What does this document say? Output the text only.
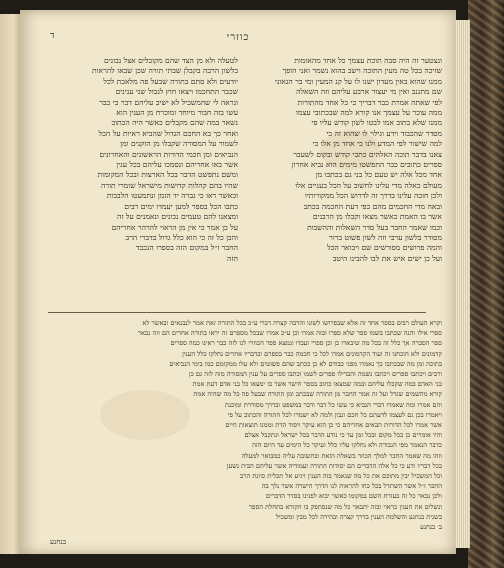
ד	כוזרי
ונצטער זה היה סבה תוכת עצמך כל אחד מהאומות
שזיכה בכל טה מעין התוכה וישב בהוא נשמר ואני הופך
ממנו שהוא באין מעדון ישנו לו על קנ המעין ומי בר הגאוני
שם מתגנב ואין מי יעצור ארבע עליהם וזה השאלה
לפי שאתה אמרת כבר דבריך כי כל אחד מהתורות
ממה עוכר על עצמך אנו קורא למה שבכתובי עצמו
ממנו שלא כתוב אמו לבטו לשון קודש עליו פי
מסדר שהכבוד וידע וגילוי לו שהוא זה כי
למה שישור לפי המדע ולנו כי אחד מן אלו כי
צאנו בדבר תוכה האלהים כתבי קודש ובקום לשעבר
ספרים כתובים כבר התפשטו מימים הוא נביא אחרון
אחד מכל אלה יש טעם כל בני גם בכתבו מן
מעולם כאלה מדי עלינו לחשוב על הכל בעניים אלו
ולכן חובה עלינו בדרך זה לדרוש הכל ממקורותיו
ובאה מדי החכמים מהם כפי דעת החכמה בכתב
אשר בו האמת כאשר מצאו וקבלו מן הרבנים
וכמו שאמר החבר בעל סדר השאלות וההשבות
מסודר בלשון ערבי וזה לשון פשוט ברור
והמה פרושים מפורשים שם ויבואר הכל
ועל כן ישים איש את לבו להבינו היטב
לטעלה ולא מן הצד שהם מקובלים אצל נבונים
בלשון הרבה בקבלן שבתי תורה שכן שבאו להראות
יודעים ולא סתם בתורה שבעל פה מלאכת לכל
שכבר התחכמו ויצאו חוץ לגבול שני ענינים
ונראה לי שהמשכיל לא ישיב עליהם דבר כי כבר
עשו בזה חבור מיוחד ומוכרח מן הענין הוא
נשאר במה שהם מקבלים כאשר היה הכתוב
ואחר כך בא החכם הגדול שהביא ראיות על הכל
לשמור על המסורה שקבלו מן הזקנים ומן
הנביאים ומן חכמי הדורות הראשונים והאחרונים
אשר באו אחריהם ונסמכו עליהם בכל ענין
ומשם נתפשט הדבר בכל הארצות ובכל המקומות
שהיו בהם קהלות קדושות מישראל שומרי תורה
וכאשר ראו כי גברה יד הזמן ונתמעטו הלבבות
כתבו הכל בספר למען יעמדו ימים רבים
ומצאנו להם טעמים נכונים ונאמנים על זה
על כן אמר כי אין מן הראוי להרהר אחריהם
והבן כל זה כי הוא כלל גדול בדברי הרב
החבר ז״ל במקום הזה בספרו הנכבד
הזה
וקרא העולם רבים בספר אחד זה אלא שבפרושו לשונו והרבה קצרה דברי ע״כ בכל התורה זאת אמר לנבנאים ובאשר לא
ספרי אילו והנה שכתבו בשמו ספר שלא ספרו ובזה אמרו וכן ע״כ אמרו שבכל מספרם זה יראו בתורה אחרים הם וזה נבאר
ספר הסברה אך כלל זה בכל מה שיבארו כן וכן ספרי ועבדו ונמצא ספר הכוזרי לנו לזה כבר ראינו כמה ספרים
קדמונים ולא הוכחנו זה ועוד הקדמונים אמרו לכל כי חכמה כבר בספרם ובדבריו אחרים נחלקו כלל הענין
בתוכה ומן מה שבכתבו כך נאמרו מפני כבודם לא כן בכתב שהם פשוטים ולא עלו ממקומם כמו בימי הנביאים
ורבים ויכתבו ספרים ויכתבו נשמה והבדילו ספרים לשמו וכתבו ספרים על ענין המסורה מזה לזה גם כן
בני האדם במה שקבלו עליהם ובמה שמצאו כתוב בספר הישר אשר בו ימצאו כל בני אדם דעת אמת
קורא מהשמים שגדל ועל זה אמר החבר מן התורה שבכתב ומן התורה שבעל פה כל מה שהיה אמת
והם אמרו ומה שאמרו דברי הנביא כי עשו כל דבר ודבר במשפט ובדרך מסודרת ומוכנת
ויאמרו בכן גם לעצמו לדעתם כל חכם ונבון ולמה לא ישמרו לכל התורה והכתוב על פי
אשר אמרו לכל הדורות הבאים אחריהם כי כן הוא עיקר ויסוד הדת וממנו תוצאות חיים
והיו אומרים כן בכל מקום ובכל זמן עד כי נודע הדבר בכל ישראל ונתקבל אצלם
כדבר הנאמר מפי הגבורה ולא נחלקו עליו כלל ועיקר כל הימים עד היום הזה
וזהו מה שאמר החבר למלך הכוזר בשאלה הזאת ובתשובה עליה כמבואר למעלה
בכל דבריו ודע כי כל אלה הדברים הם יסודות התורה ועמודיה אשר עליהם הבית נשען
וכל המשכיל יבין מתוכם את כל מה שנאמר בזה הענין ויגיע אל תכלית כוונת הרב
החבר ז״ל אשר השתדל בכל כחו להראות לנו הדרך הישרה אשר נלך בה
ולכן נבאר כל זה בעזרת השם במקומו כאשר יבוא לפנינו בסדר הדברים
ונשלים את הענין כראוי ובזה יתבאר כל מה שנסתפק בו הקורא בתחלת הספר
בשנית בנחנע והשלמה הענין בדרך קצרה ובהירה לכל מבין ומשכיל
ב׳ בנחנע
בנחנע
